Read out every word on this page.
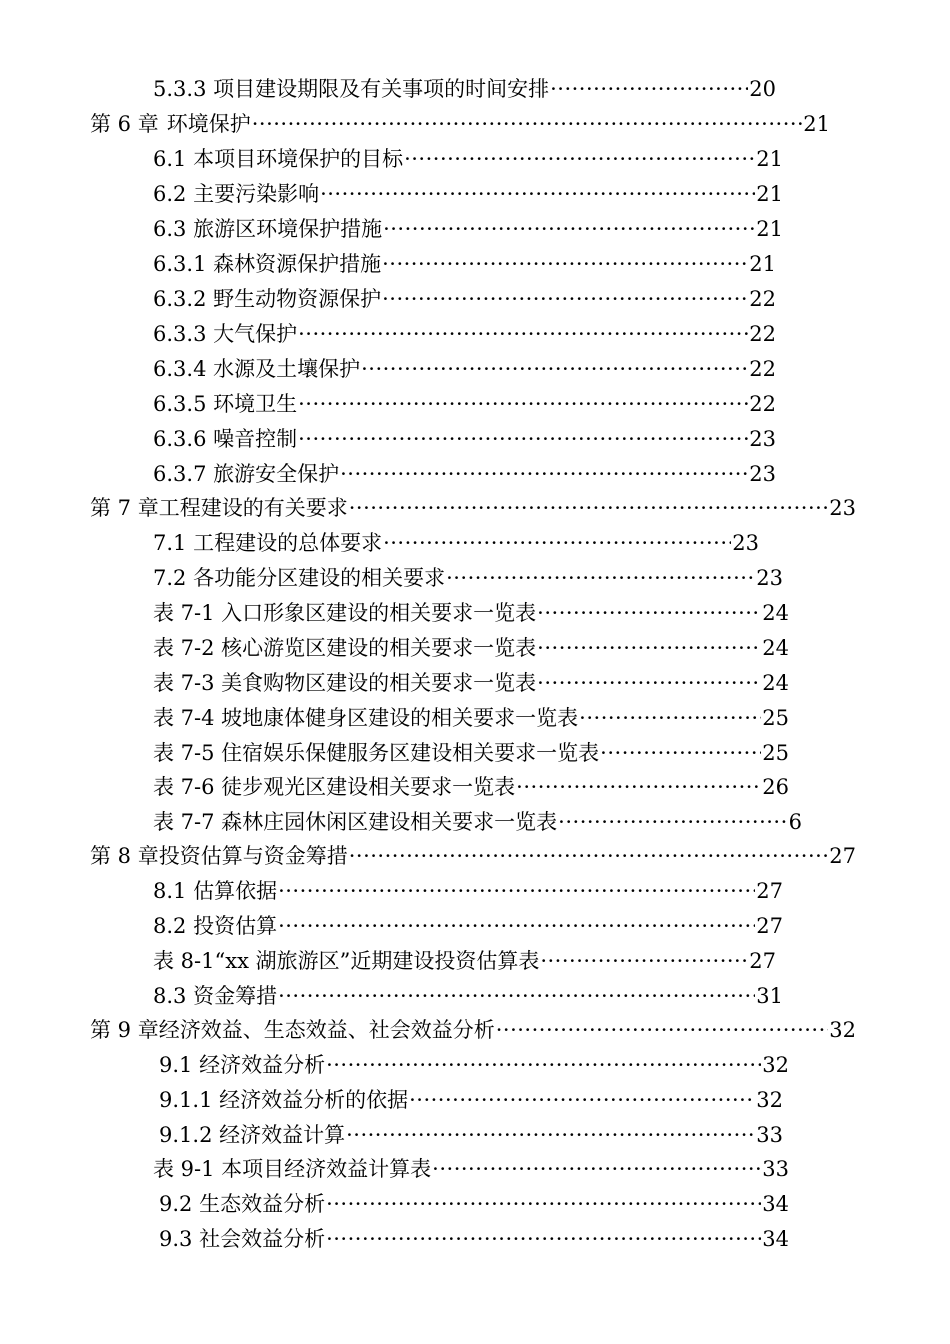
5.3.3 项目建设期限及有关事项的时间安排 ·····	20
第 6 章 环境保护 ·····	21
6.1 本项目环境保护的目标 ·····	21
6.2 主要污染影响 ·····	21
6.3 旅游区环境保护措施 ·····	21
6.3.1 森林资源保护措施 ·····	21
6.3.2 野生动物资源保护 ·····	22
6.3.3 大气保护 ·····	22
6.3.4 水源及土壤保护 ·····	22
6.3.5 环境卫生 ·····	22
6.3.6 噪音控制 ·····	23
6.3.7 旅游安全保护 ·····	23
第 7 章 工程建设的有关要求 ·····	23
7.1 工程建设的总体要求 ·····	23
7.2 各功能分区建设的相关要求 ·····	23
表 7-1 入口形象区建设的相关要求一览表 ·····	24
表 7-2 核心游览区建设的相关要求一览表 ·····	24
表 7-3 美食购物区建设的相关要求一览表 ·····	24
表 7-4 坡地康体健身区建设的相关要求一览表 ·····	25
表 7-5 住宿娱乐保健服务区建设相关要求一览表 ·····	25
表 7-6 徒步观光区建设相关要求一览表 ·····	26
表 7-7 森林庄园休闲区建设相关要求一览表 ·····	6
第 8 章 投资估算与资金筹措 ·····	27
8.1 估算依据 ·····	27
8.2 投资估算 ·····	27
表 8-1“xx 湖旅游区”近期建设投资估算表 ·····	27
8.3 资金筹措 ·····	31
第 9 章 经济效益、生态效益、社会效益分析 ·····	32
9.1 经济效益分析 ·····	32
9.1.1 经济效益分析的依据 ·····	32
9.1.2 经济效益计算 ·····	33
表 9-1 本项目经济效益计算表 ·····	33
9.2 生态效益分析 ·····	34
9.3 社会效益分析 ·····	34
